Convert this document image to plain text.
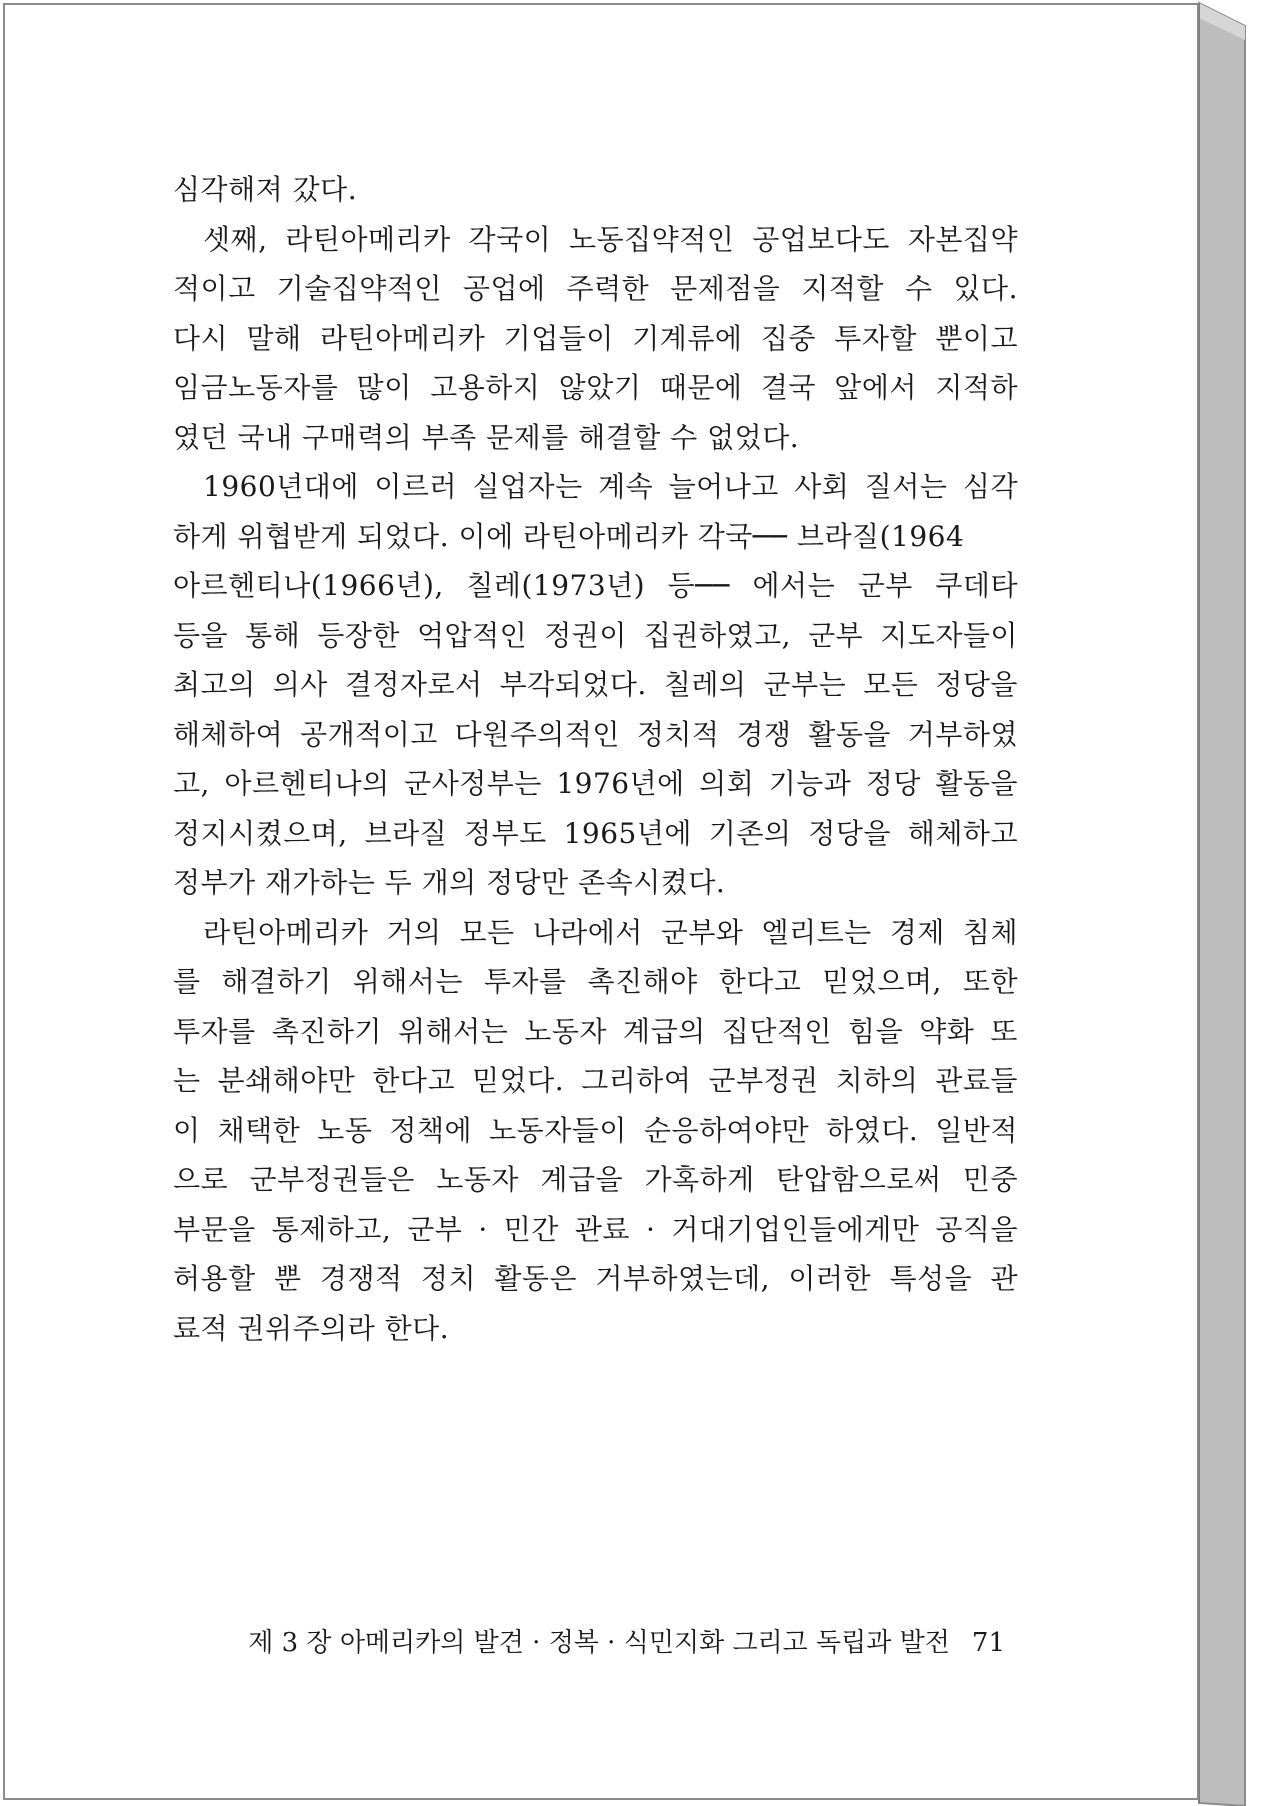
심각해져 갔다.
셋째, 라틴아메리카 각국이 노동집약적인 공업보다도 자본집약
적이고 기술집약적인 공업에 주력한 문제점을 지적할 수 있다.
다시 말해 라틴아메리카 기업들이 기계류에 집중 투자할 뿐이고
임금노동자를 많이 고용하지 않았기 때문에 결국 앞에서 지적하
였던 국내 구매력의 부족 문제를 해결할 수 없었다.
1960년대에 이르러 실업자는 계속 늘어나고 사회 질서는 심각
하게 위협받게 되었다. 이에 라틴아메리카 각국── 브라질(1964
아르헨티나(1966년), 칠레(1973년) 등── 에서는 군부 쿠데타
등을 통해 등장한 억압적인 정권이 집권하였고, 군부 지도자들이
최고의 의사 결정자로서 부각되었다. 칠레의 군부는 모든 정당을
해체하여 공개적이고 다원주의적인 정치적 경쟁 활동을 거부하였
고, 아르헨티나의 군사정부는 1976년에 의회 기능과 정당 활동을
정지시켰으며, 브라질 정부도 1965년에 기존의 정당을 해체하고
정부가 재가하는 두 개의 정당만 존속시켰다.
라틴아메리카 거의 모든 나라에서 군부와 엘리트는 경제 침체
를 해결하기 위해서는 투자를 촉진해야 한다고 믿었으며, 또한
투자를 촉진하기 위해서는 노동자 계급의 집단적인 힘을 약화 또
는 분쇄해야만 한다고 믿었다. 그리하여 군부정권 치하의 관료들
이 채택한 노동 정책에 노동자들이 순응하여야만 하였다. 일반적
으로 군부정권들은 노동자 계급을 가혹하게 탄압함으로써 민중
부문을 통제하고, 군부 · 민간 관료 · 거대기업인들에게만 공직을
허용할 뿐 경쟁적 정치 활동은 거부하였는데, 이러한 특성을 관
료적 권위주의라 한다.
제 3 장 아메리카의 발견 · 정복 · 식민지화 그리고 독립과 발전 71
